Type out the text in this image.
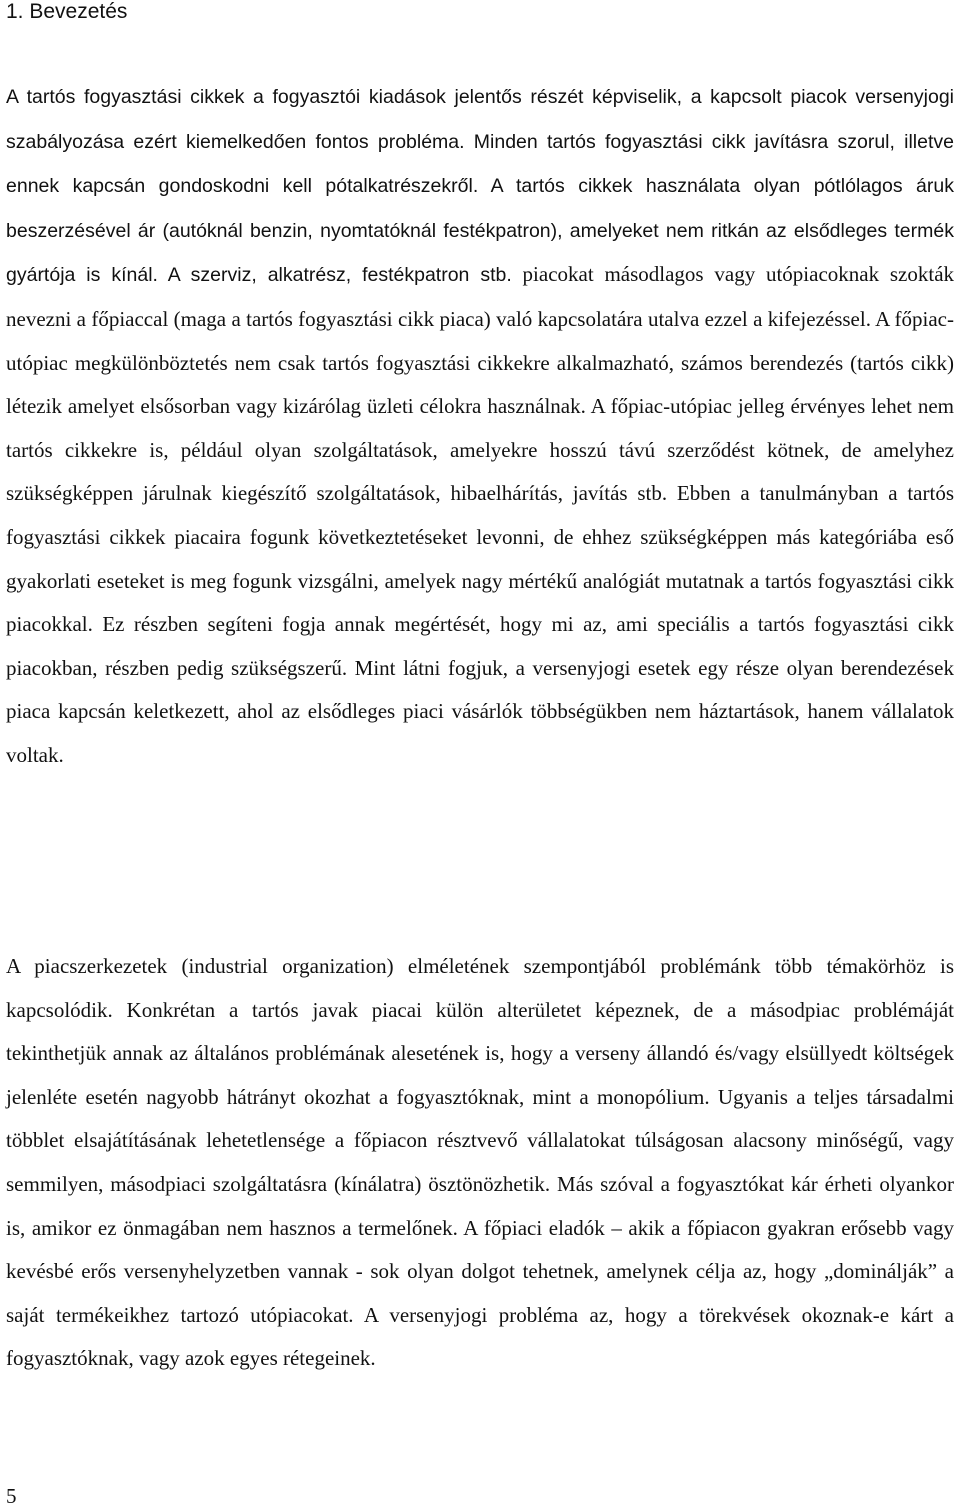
1. Bevezetés

A tartós fogyasztási cikkek a fogyasztói kiadások jelentős részét képviselik, a kapcsolt piacok versenyjogi szabályozása ezért kiemelkedően fontos probléma. Minden tartós fogyasztási cikk javításra szorul, illetve ennek kapcsán gondoskodni kell pótalkatrészekről. A tartós cikkek használata olyan pótlólagos áruk beszerzésével ár (autóknál benzin, nyomtatóknál festékpatron), amelyeket nem ritkán az elsődleges termék gyártója is kínál. A szerviz, alkatrész, festékpatron stb. piacokat másodlagos vagy utópiacoknak szokták nevezni a főpiaccal (maga a tartós fogyasztási cikk piaca) való kapcsolatára utalva ezzel a kifejezéssel. A főpiac-utópiac megkülönböztetés nem csak tartós fogyasztási cikkekre alkalmazható, számos berendezés (tartós cikk) létezik amelyet elsősorban vagy kizárólag üzleti célokra használnak. A főpiac-utópiac jelleg érvényes lehet nem tartós cikkekre is, például olyan szolgáltatások, amelyekre hosszú távú szerződést kötnek, de amelyhez szükségképpen járulnak kiegészítő szolgáltatások, hibaelhárítás, javítás stb. Ebben a tanulmányban a tartós fogyasztási cikkek piacaira fogunk következtetéseket levonni, de ehhez szükségképpen más kategóriába eső gyakorlati eseteket is meg fogunk vizsgálni, amelyek nagy mértékű analógiát mutatnak a tartós fogyasztási cikk piacokkal. Ez részben segíteni fogja annak megértését, hogy mi az, ami speciális a tartós fogyasztási cikk piacokban, részben pedig szükségszerű. Mint látni fogjuk, a versenyjogi esetek egy része olyan berendezések piaca kapcsán keletkezett, ahol az elsődleges piaci vásárlók többségükben nem háztartások, hanem vállalatok voltak.

A piacszerkezetek (industrial organization) elméletének szempontjából problémánk több témakörhöz is kapcsolódik. Konkrétan a tartós javak piacai külön alterületet képeznek, de a másodpiac problémáját tekinthetjük annak az általános problémának alesetének is, hogy a verseny állandó és/vagy elsüllyedt költségek jelenléte esetén nagyobb hátrányt okozhat a fogyasztóknak, mint a monopólium. Ugyanis a teljes társadalmi többlet elsajátításának lehetetlensége a főpiacon résztvevő vállalatokat túlságosan alacsony minőségű, vagy semmilyen, másodpiaci szolgáltatásra (kínálatra) ösztönözhetik. Más szóval a fogyasztókat kár érheti olyankor is, amikor ez önmagában nem hasznos a termelőnek. A főpiaci eladók – akik a főpiacon gyakran erősebb vagy kevésbé erős versenyhelyzetben vannak - sok olyan dolgot tehetnek, amelynek célja az, hogy „dominálják” a saját termékeikhez tartozó utópiacokat. A versenyjogi probléma az, hogy a törekvések okoznak-e kárt a fogyasztóknak, vagy azok egyes rétegeinek.

5
